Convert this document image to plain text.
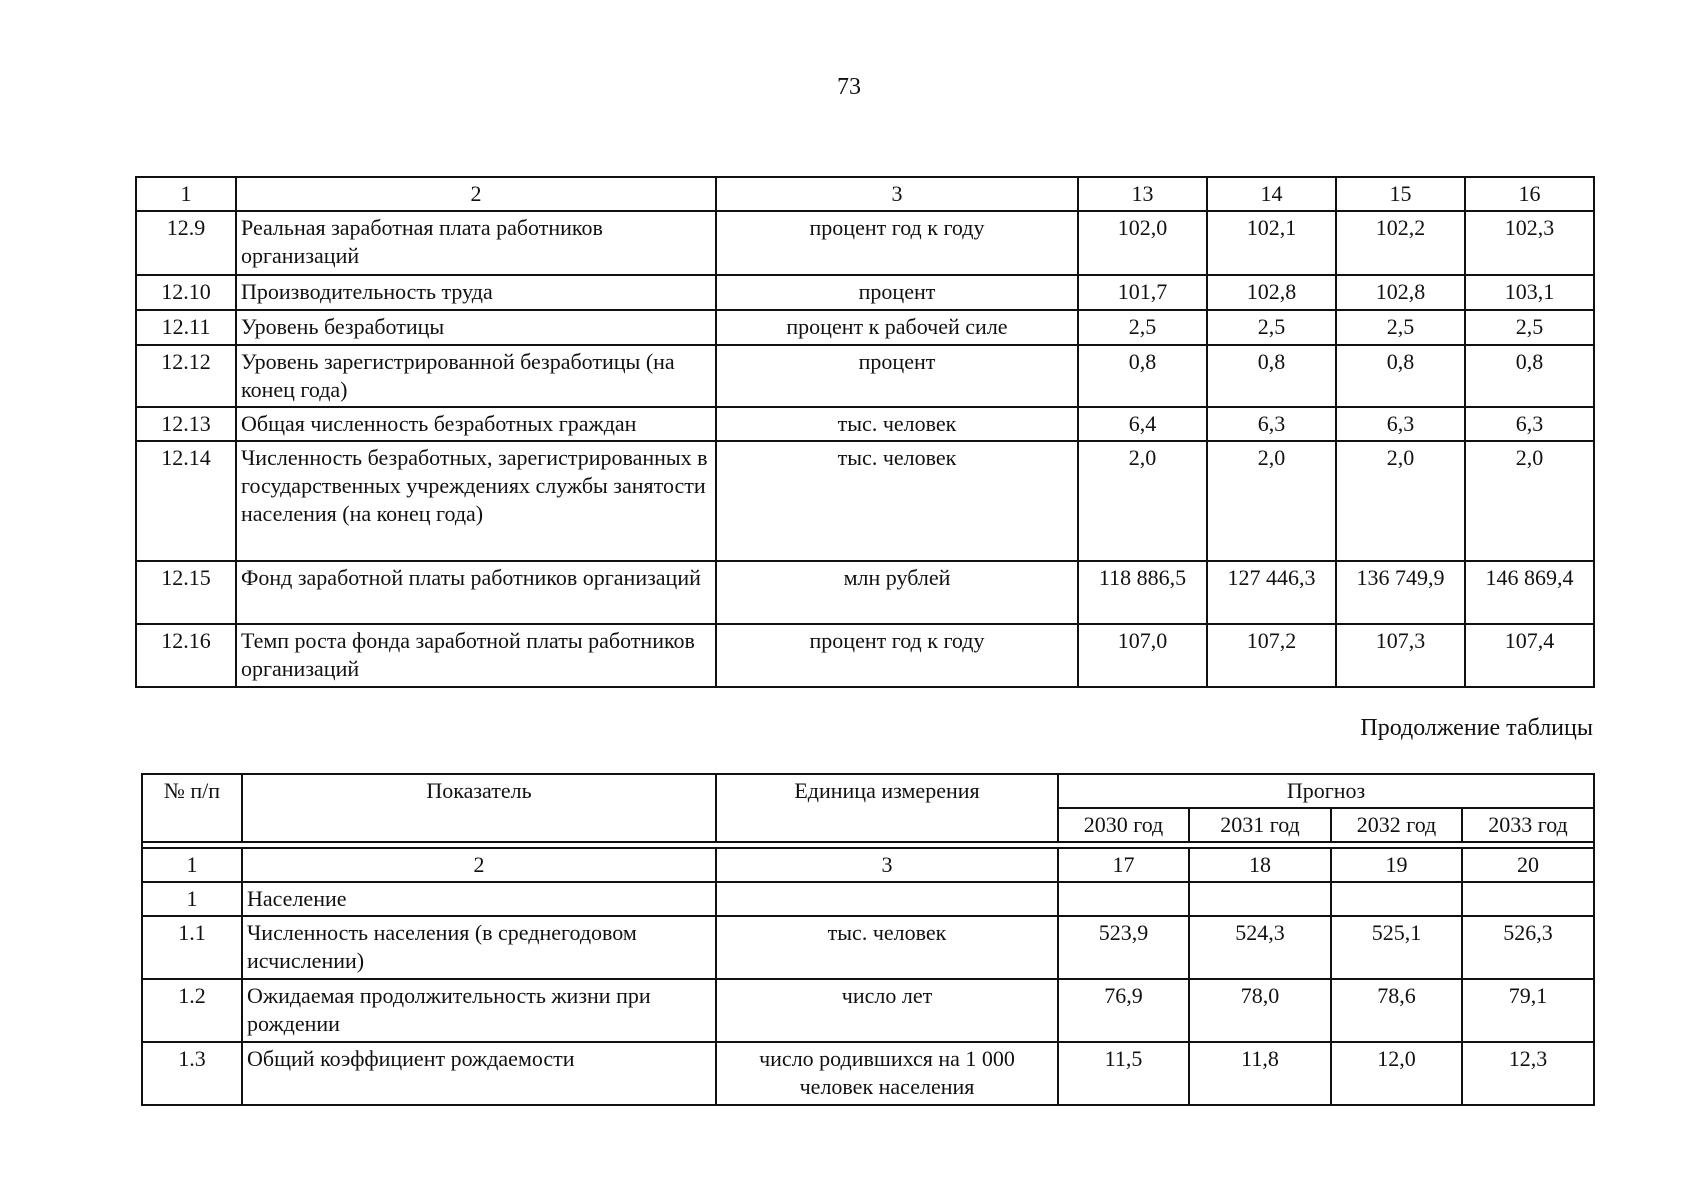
73
1	2	3	13	14	15	16
12.9	Реальная заработная плата работников организаций	процент год к году	102,0	102,1	102,2	102,3
12.10	Производительность труда	процент	101,7	102,8	102,8	103,1
12.11	Уровень безработицы	процент к рабочей силе	2,5	2,5	2,5	2,5
12.12	Уровень зарегистрированной безработицы (на конец года)	процент	0,8	0,8	0,8	0,8
12.13	Общая численность безработных граждан	тыс. человек	6,4	6,3	6,3	6,3
12.14	Численность безработных, зарегистрированных в государственных учреждениях службы занятости населения (на конец года)	тыс. человек	2,0	2,0	2,0	2,0
12.15	Фонд заработной платы работников организаций	млн рублей	118 886,5	127 446,3	136 749,9	146 869,4
12.16	Темп роста фонда заработной платы работников организаций	процент год к году	107,0	107,2	107,3	107,4
Продолжение таблицы
№ п/п	Показатель	Единица измерения	Прогноз			
			2030 год	2031 год	2032 год	2033 год

1	2	3	17	18	19	20
1	Население					
1.1	Численность населения (в среднегодовом исчислении)	тыс. человек	523,9	524,3	525,1	526,3
1.2	Ожидаемая продолжительность жизни при рождении	число лет	76,9	78,0	78,6	79,1
1.3	Общий коэффициент рождаемости	число родившихся на 1 000 человек населения	11,5	11,8	12,0	12,3
